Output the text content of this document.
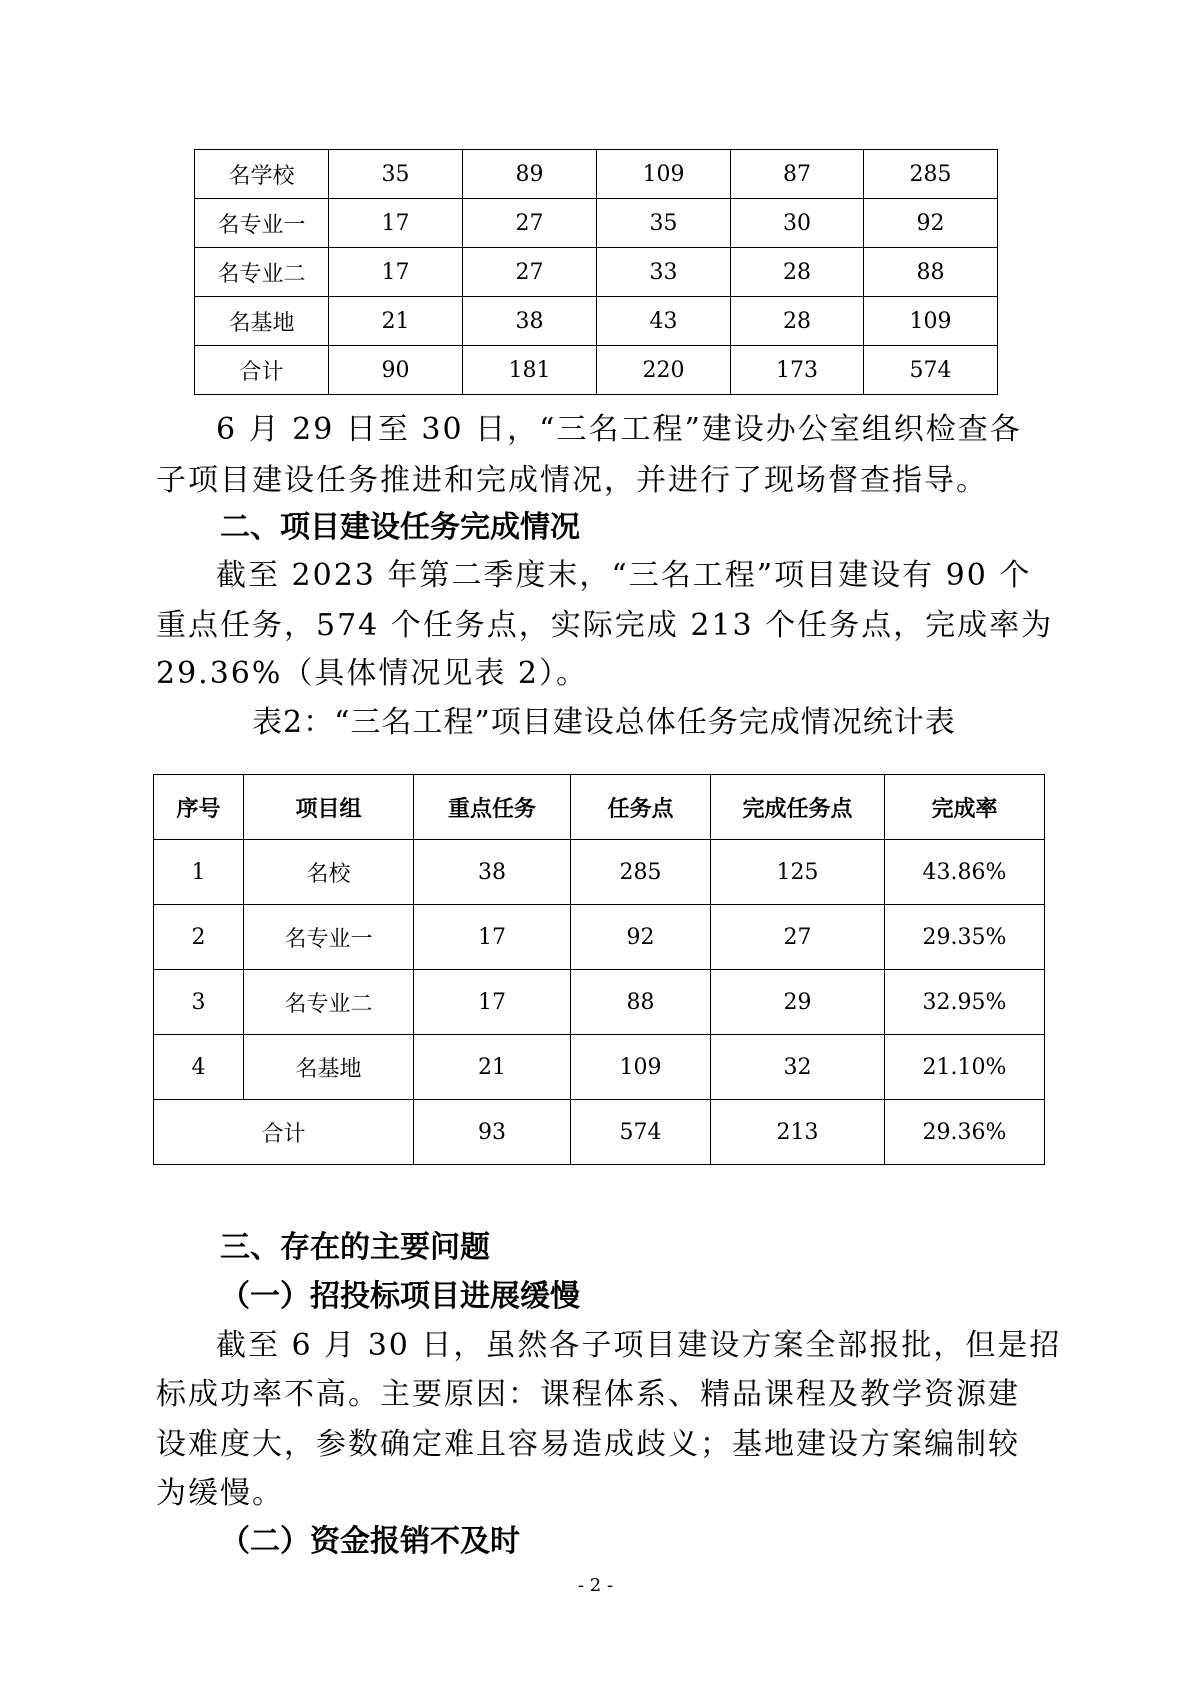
名学校	35	89	109	87	285
名专业一	17	27	35	30	92
名专业二	17	27	33	28	88
名基地	21	38	43	28	109
合计	90	181	220	173	574
6 月 29 日至 30 日，“三名工程”建设办公室组织检查各
子项目建设任务推进和完成情况，并进行了现场督查指导。
二、项目建设任务完成情况
截至 2023 年第二季度末，“三名工程”项目建设有 90 个
重点任务，574 个任务点，实际完成 213 个任务点，完成率为
29.36%（具体情况见表 2）。
表2：“三名工程”项目建设总体任务完成情况统计表
序号	项目组	重点任务	任务点	完成任务点	完成率
1	名校	38	285	125	43.86%
2	名专业一	17	92	27	29.35%
3	名专业二	17	88	29	32.95%
4	名基地	21	109	32	21.10%
合计		93	574	213	29.36%
三、存在的主要问题
（一）招投标项目进展缓慢
截至 6 月 30 日，虽然各子项目建设方案全部报批，但是招
标成功率不高。主要原因：课程体系、精品课程及教学资源建
设难度大，参数确定难且容易造成歧义；基地建设方案编制较
为缓慢。
（二）资金报销不及时
- 2 -
